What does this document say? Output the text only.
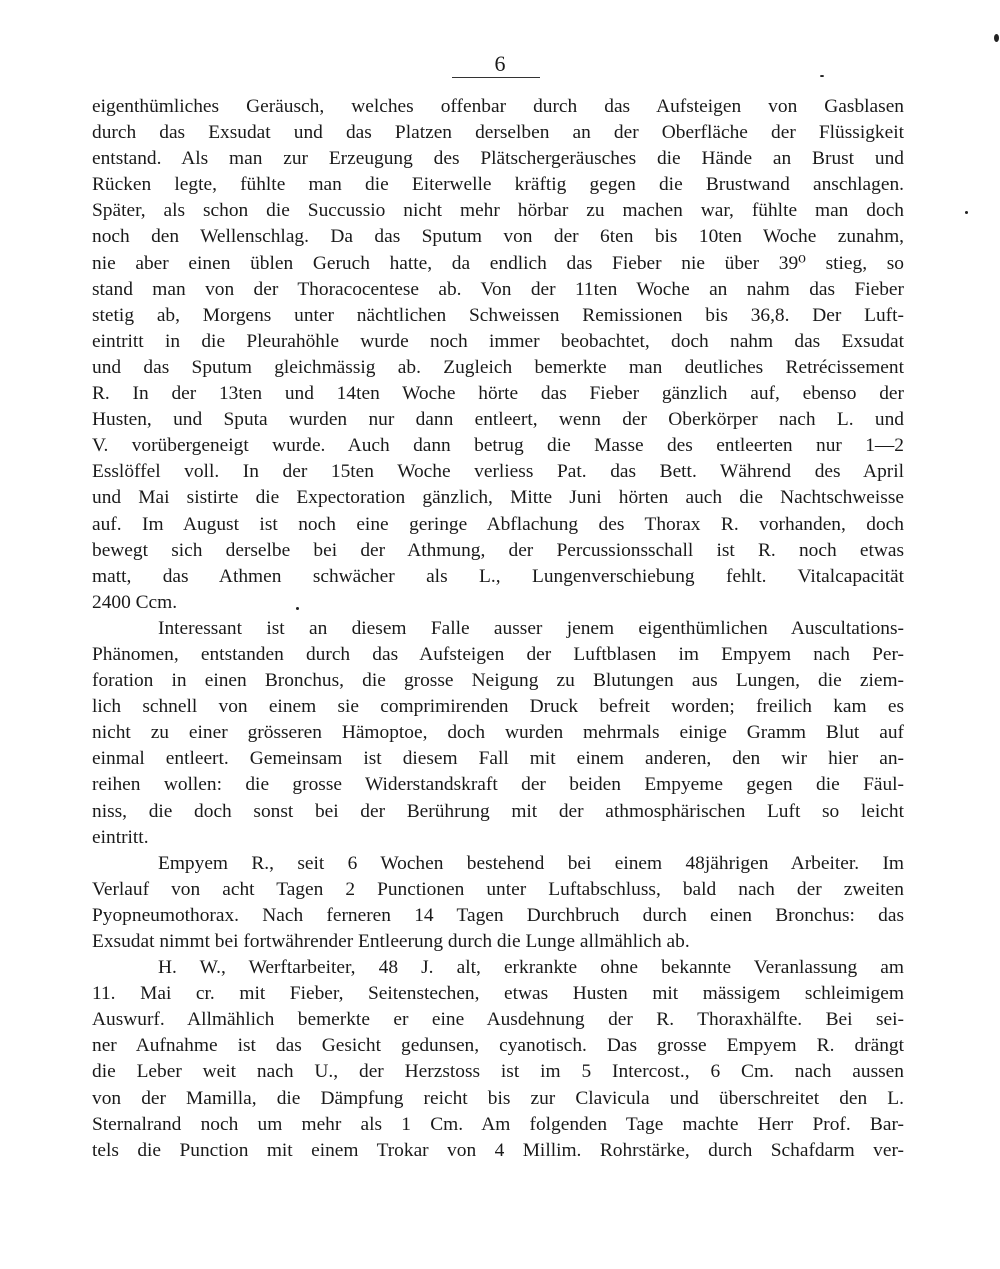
6
eigenthümliches Geräusch, welches offenbar durch das Aufsteigen von Gasblasen
durch das Exsudat und das Platzen derselben an der Oberfläche der Flüssigkeit
entstand. Als man zur Erzeugung des Plätschergeräusches die Hände an Brust und
Rücken legte, fühlte man die Eiterwelle kräftig gegen die Brustwand anschlagen.
Später, als schon die Succussio nicht mehr hörbar zu machen war, fühlte man doch
noch den Wellenschlag. Da das Sputum von der 6ten bis 10ten Woche zunahm,
nie aber einen üblen Geruch hatte, da endlich das Fieber nie über 39⁰ stieg, so
stand man von der Thoracocentese ab. Von der 11ten Woche an nahm das Fieber
stetig ab, Morgens unter nächtlichen Schweissen Remissionen bis 36,8. Der Luft-
eintritt in die Pleurahöhle wurde noch immer beobachtet, doch nahm das Exsudat
und das Sputum gleichmässig ab. Zugleich bemerkte man deutliches Retrécissement
R. In der 13ten und 14ten Woche hörte das Fieber gänzlich auf, ebenso der
Husten, und Sputa wurden nur dann entleert, wenn der Oberkörper nach L. und
V. vorübergeneigt wurde. Auch dann betrug die Masse des entleerten nur 1—2
Esslöffel voll. In der 15ten Woche verliess Pat. das Bett. Während des April
und Mai sistirte die Expectoration gänzlich, Mitte Juni hörten auch die Nachtschweisse
auf. Im August ist noch eine geringe Abflachung des Thorax R. vorhanden, doch
bewegt sich derselbe bei der Athmung, der Percussionsschall ist R. noch etwas
matt, das Athmen schwächer als L., Lungenverschiebung fehlt. Vitalcapacität
2400 Ccm.
Interessant ist an diesem Falle ausser jenem eigenthümlichen Auscultations-
Phänomen, entstanden durch das Aufsteigen der Luftblasen im Empyem nach Per-
foration in einen Bronchus, die grosse Neigung zu Blutungen aus Lungen, die ziem-
lich schnell von einem sie comprimirenden Druck befreit worden; freilich kam es
nicht zu einer grösseren Hämoptoe, doch wurden mehrmals einige Gramm Blut auf
einmal entleert. Gemeinsam ist diesem Fall mit einem anderen, den wir hier an-
reihen wollen: die grosse Widerstandskraft der beiden Empyeme gegen die Fäul-
niss, die doch sonst bei der Berührung mit der athmosphärischen Luft so leicht
eintritt.
Empyem R., seit 6 Wochen bestehend bei einem 48jährigen Arbeiter. Im
Verlauf von acht Tagen 2 Punctionen unter Luftabschluss, bald nach der zweiten
Pyopneumothorax. Nach ferneren 14 Tagen Durchbruch durch einen Bronchus: das
Exsudat nimmt bei fortwährender Entleerung durch die Lunge allmählich ab.
H. W., Werftarbeiter, 48 J. alt, erkrankte ohne bekannte Veranlassung am
11. Mai cr. mit Fieber, Seitenstechen, etwas Husten mit mässigem schleimigem
Auswurf. Allmählich bemerkte er eine Ausdehnung der R. Thoraxhälfte. Bei sei-
ner Aufnahme ist das Gesicht gedunsen, cyanotisch. Das grosse Empyem R. drängt
die Leber weit nach U., der Herzstoss ist im 5 Intercost., 6 Cm. nach aussen
von der Mamilla, die Dämpfung reicht bis zur Clavicula und überschreitet den L.
Sternalrand noch um mehr als 1 Cm. Am folgenden Tage machte Herr Prof. Bar-
tels die Punction mit einem Trokar von 4 Millim. Rohrstärke, durch Schafdarm ver-
